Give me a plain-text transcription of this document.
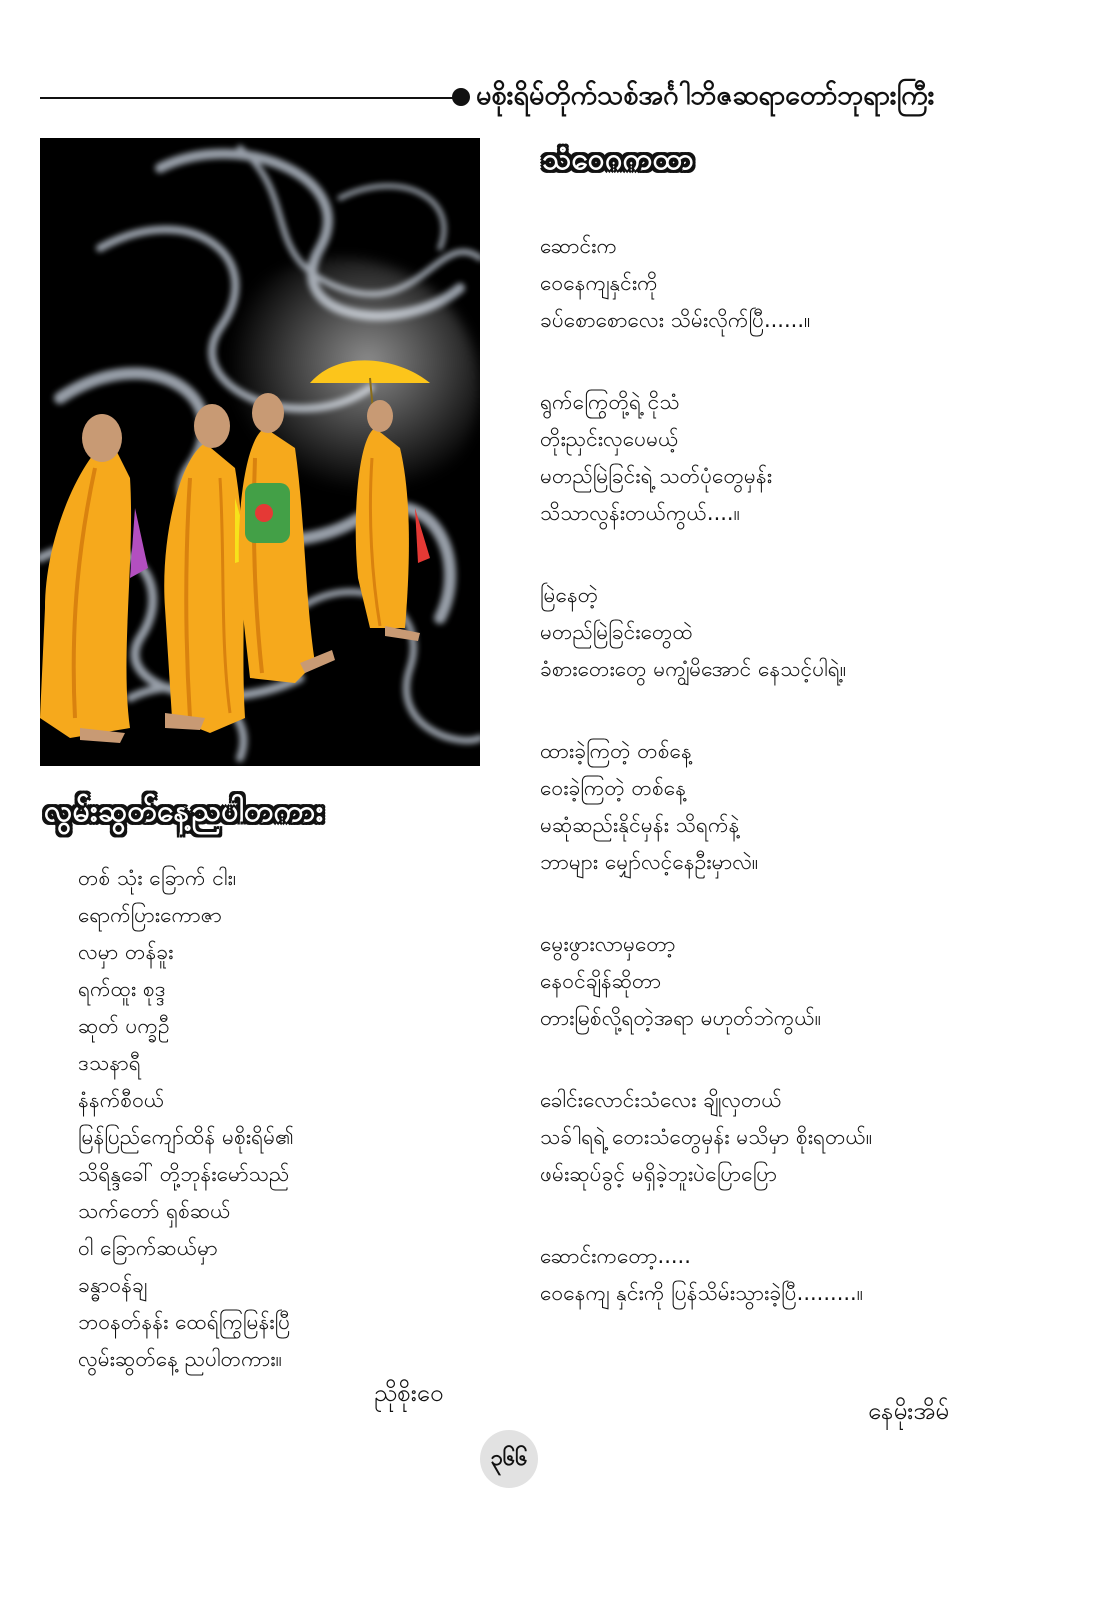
မစိုးရိမ်တိုက်သစ်အင်္ဂါဘိဇဆရာတော်ဘုရားကြီး
သံဝေဂကထာ
ဆောင်းက
ဝေနေကျနှင်းကို
ခပ်စောစောလေး သိမ်းလိုက်ပြီ......။
ရွက်ကြွေတို့ရဲ့ ငိုသံ
တိုးညှင်းလှပေမယ့်
မတည်မြဲခြင်းရဲ့ သတ်ပုံတွေမှန်း
သိသာလွန်းတယ်ကွယ်....။
မြဲနေတဲ့
မတည်မြဲခြင်းတွေထဲ
ခံစားတေးတွေ မကျွံမိအောင် နေသင့်ပါရဲ့။
ထားခဲ့ကြတဲ့ တစ်နေ့
ဝေးခဲ့ကြတဲ့ တစ်နေ့
မဆုံဆည်းနိုင်မှန်း သိရက်နဲ့
ဘာများ မျှော်လင့်နေဦးမှာလဲ။
မွေးဖွားလာမှတော့
နေဝင်ချိန်ဆိုတာ
တားမြစ်လို့ရတဲ့အရာ မဟုတ်ဘဲကွယ်။
ခေါင်းလောင်းသံလေး ချိုလှတယ်
သခ်ါရရဲ့ တေးသံတွေမှန်း မသိမှာ စိုးရတယ်။
ဖမ်းဆုပ်ခွင့် မရှိခဲ့ဘူးပဲပြောပြော
ဆောင်းကတော့.....
ဝေနေကျ နှင်းကို ပြန်သိမ်းသွားခဲ့ပြီ.........။
နေမိုးအိမ်
လွမ်းဆွတ်နေ့ညပါတကား
တစ် သုံး ခြောက် ငါး၊
ရောက်ပြားကောဇာ
လမှာ တန်ခူး
ရက်ထူး စုဒ္ဒ
ဆုတ် ပက္ခဦ
ဒသနာရီ
နံနက်စီဝယ်
မြန်ပြည်ကျော်ထိန် မစိုးရိမ်၏
သိရိန္ဒခေါ် တို့ဘုန်းမော်သည်
သက်တော် ရှစ်ဆယ်
ဝါ ခြောက်ဆယ်မှာ
ခန္ဓာဝန်ချ
ဘဝနတ်နန်း ထေရ်ကြွမြန်းပြီ
လွမ်းဆွတ်နေ့ ညပါတကား။
ညိုစိုးဝေ
၃၆၆
